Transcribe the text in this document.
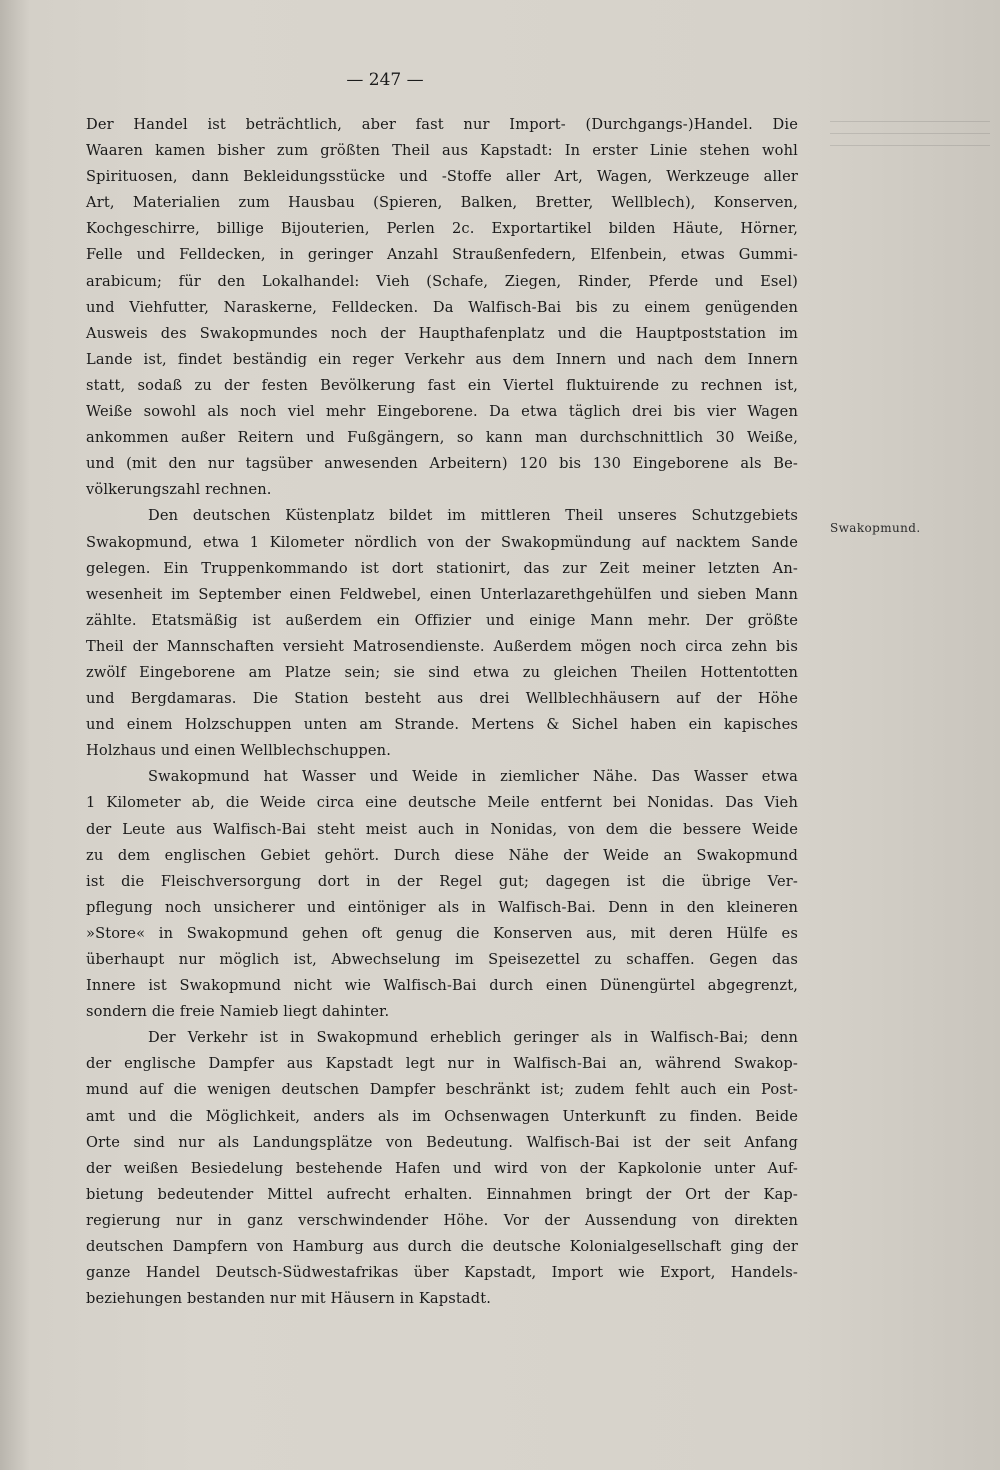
— 247 —
Swakopmund.
Der Handel ist beträchtlich, aber fast nur Import- (Durchgangs-)Handel. Die
Waaren kamen bisher zum größten Theil aus Kapstadt: In erster Linie stehen wohl
Spirituosen, dann Bekleidungsstücke und -Stoffe aller Art, Wagen, Werkzeuge aller
Art, Materialien zum Hausbau (Spieren, Balken, Bretter, Wellblech), Konserven,
Kochgeschirre, billige Bijouterien, Perlen 2c. Exportartikel bilden Häute, Hörner,
Felle und Felldecken, in geringer Anzahl Straußenfedern, Elfenbein, etwas Gummi-
arabicum; für den Lokalhandel: Vieh (Schafe, Ziegen, Rinder, Pferde und Esel)
und Viehfutter, Naraskerne, Felldecken. Da Walfisch-Bai bis zu einem genügenden
Ausweis des Swakopmundes noch der Haupthafenplatz und die Hauptpoststation im
Lande ist, findet beständig ein reger Verkehr aus dem Innern und nach dem Innern
statt, sodaß zu der festen Bevölkerung fast ein Viertel fluktuirende zu rechnen ist,
Weiße sowohl als noch viel mehr Eingeborene. Da etwa täglich drei bis vier Wagen
ankommen außer Reitern und Fußgängern, so kann man durchschnittlich 30 Weiße,
und (mit den nur tagsüber anwesenden Arbeitern) 120 bis 130 Eingeborene als Be-
völkerungszahl rechnen.
Den deutschen Küstenplatz bildet im mittleren Theil unseres Schutzgebiets
Swakopmund, etwa 1 Kilometer nördlich von der Swakopmündung auf nacktem Sande
gelegen. Ein Truppenkommando ist dort stationirt, das zur Zeit meiner letzten An-
wesenheit im September einen Feldwebel, einen Unterlazarethgehülfen und sieben Mann
zählte. Etatsmäßig ist außerdem ein Offizier und einige Mann mehr. Der größte
Theil der Mannschaften versieht Matrosendienste. Außerdem mögen noch circa zehn bis
zwölf Eingeborene am Platze sein; sie sind etwa zu gleichen Theilen Hottentotten
und Bergdamaras. Die Station besteht aus drei Wellblechhäusern auf der Höhe
und einem Holzschuppen unten am Strande. Mertens & Sichel haben ein kapisches
Holzhaus und einen Wellblechschuppen.
Swakopmund hat Wasser und Weide in ziemlicher Nähe. Das Wasser etwa
1 Kilometer ab, die Weide circa eine deutsche Meile entfernt bei Nonidas. Das Vieh
der Leute aus Walfisch-Bai steht meist auch in Nonidas, von dem die bessere Weide
zu dem englischen Gebiet gehört. Durch diese Nähe der Weide an Swakopmund
ist die Fleischversorgung dort in der Regel gut; dagegen ist die übrige Ver-
pflegung noch unsicherer und eintöniger als in Walfisch-Bai. Denn in den kleineren
»Store« in Swakopmund gehen oft genug die Konserven aus, mit deren Hülfe es
überhaupt nur möglich ist, Abwechselung im Speisezettel zu schaffen. Gegen das
Innere ist Swakopmund nicht wie Walfisch-Bai durch einen Dünengürtel abgegrenzt,
sondern die freie Namieb liegt dahinter.
Der Verkehr ist in Swakopmund erheblich geringer als in Walfisch-Bai; denn
der englische Dampfer aus Kapstadt legt nur in Walfisch-Bai an, während Swakop-
mund auf die wenigen deutschen Dampfer beschränkt ist; zudem fehlt auch ein Post-
amt und die Möglichkeit, anders als im Ochsenwagen Unterkunft zu finden. Beide
Orte sind nur als Landungsplätze von Bedeutung. Walfisch-Bai ist der seit Anfang
der weißen Besiedelung bestehende Hafen und wird von der Kapkolonie unter Auf-
bietung bedeutender Mittel aufrecht erhalten. Einnahmen bringt der Ort der Kap-
regierung nur in ganz verschwindender Höhe. Vor der Aussendung von direkten
deutschen Dampfern von Hamburg aus durch die deutsche Kolonialgesellschaft ging der
ganze Handel Deutsch-Südwestafrikas über Kapstadt, Import wie Export, Handels-
beziehungen bestanden nur mit Häusern in Kapstadt.
